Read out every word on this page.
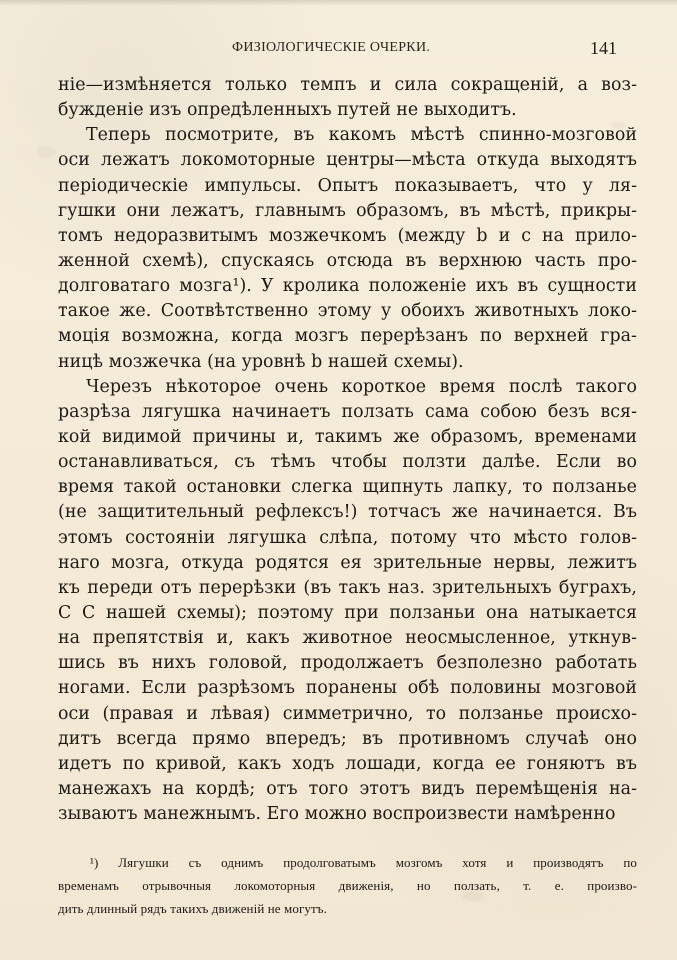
ФИЗIОЛОГИЧЕСКIЕ ОЧЕРКИ.	141
нiе—измѣняется только темпъ и сила сокращенiй, а воз-
бужденiе изъ опредѣленныхъ путей не выходитъ.
Теперь посмотрите, въ какомъ мѣстѣ спинно-мозговой
оси лежатъ локомоторные центры—мѣста откуда выходятъ
перiодическiе импульсы. Опытъ показываетъ, что у ля-
гушки они лежатъ, главнымъ образомъ, въ мѣстѣ, прикры-
томъ недоразвитымъ мозжечкомъ (между b и c на прило-
женной схемѣ), спускаясь отсюда въ верхнюю часть про-
долговатаго мозга¹). У кролика положенiе ихъ въ сущности
такое же. Соотвѣтственно этому у обоихъ животныхъ локо-
моцiя возможна, когда мозгъ перерѣзанъ по верхней гра-
ницѣ мозжечка (на уровнѣ b нашей схемы).
Черезъ нѣкоторое очень короткое время послѣ такого
разрѣза лягушка начинаетъ ползать сама собою безъ вся-
кой видимой причины и, такимъ же образомъ, временами
останавливаться, съ тѣмъ чтобы ползти далѣе. Если во
время такой остановки слегка щипнуть лапку, то ползанье
(не защитительный рефлексъ!) тотчасъ же начинается. Въ
этомъ состоянiи лягушка слѣпа, потому что мѣсто голов-
наго мозга, откуда родятся ея зрительные нервы, лежитъ
къ переди отъ перерѣзки (въ такъ наз. зрительныхъ буграхъ,
C C нашей схемы); поэтому при ползаньи она натыкается
на препятствiя и, какъ животное неосмысленное, уткнув-
шись въ нихъ головой, продолжаетъ безполезно работать
ногами. Если разрѣзомъ поранены обѣ половины мозговой
оси (правая и лѣвая) симметрично, то ползанье происхо-
дитъ всегда прямо впередъ; въ противномъ случаѣ оно
идетъ по кривой, какъ ходъ лошади, когда ее гоняютъ въ
манежахъ на кордѣ; отъ того этотъ видъ перемѣщенiя на-
зываютъ манежнымъ. Его можно воспроизвести намѣренно
¹) Лягушки съ однимъ продолговатымъ мозгомъ хотя и производятъ по
временамъ отрывочныя локомоторныя движенiя, но ползать, т. е. произво-
дить длинный рядъ такихъ движенiй не могутъ.
